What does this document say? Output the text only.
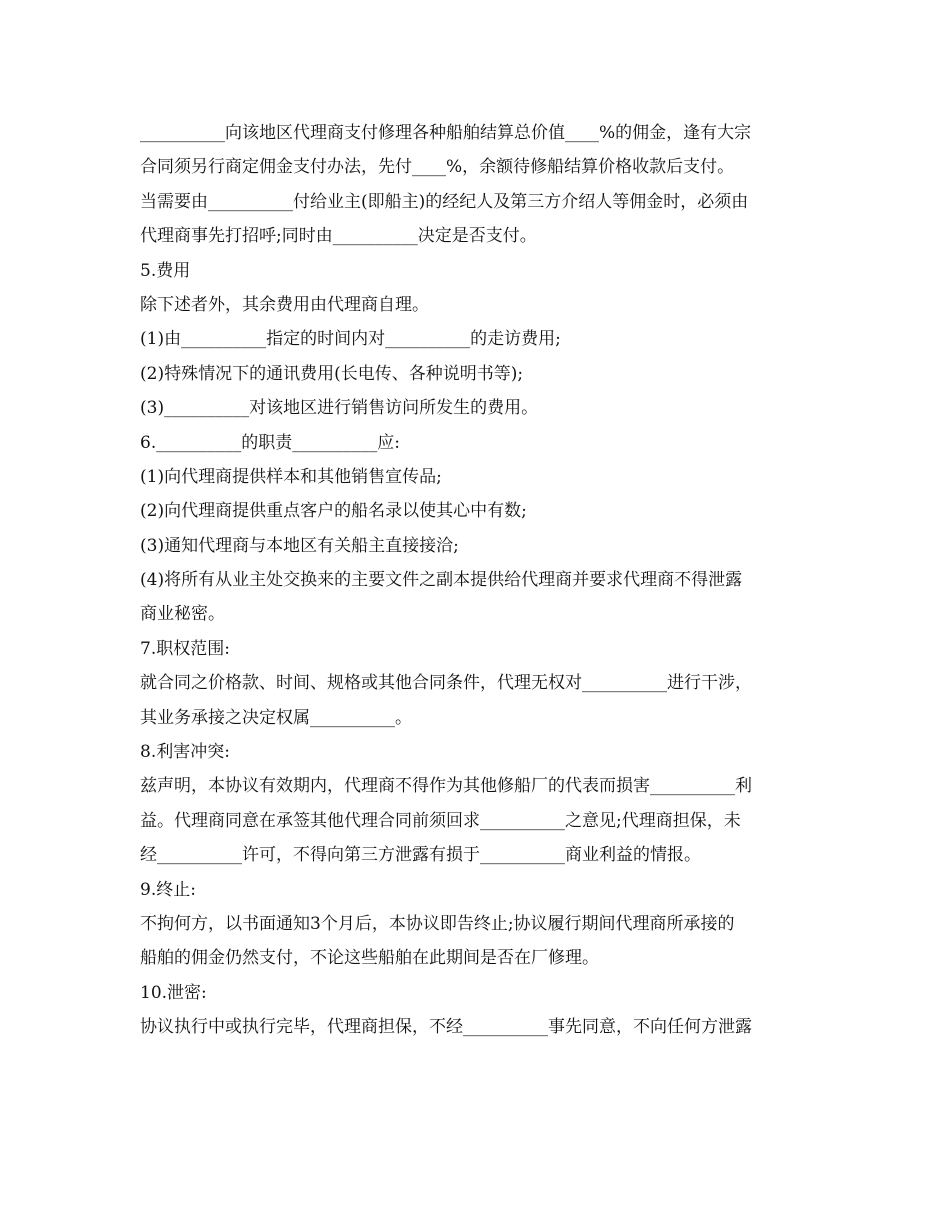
__________向该地区代理商支付修理各种船舶结算总价值____%的佣金，逢有大宗
合同须另行商定佣金支付办法，先付____%，余额待修船结算价格收款后支付。
当需要由__________付给业主(即船主)的经纪人及第三方介绍人等佣金时，必须由
代理商事先打招呼;同时由__________决定是否支付。
5.费用
除下述者外，其余费用由代理商自理。
(1)由__________指定的时间内对__________的走访费用;
(2)特殊情况下的通讯费用(长电传、各种说明书等);
(3)__________对该地区进行销售访问所发生的费用。
6.__________的职责__________应:
(1)向代理商提供样本和其他销售宣传品;
(2)向代理商提供重点客户的船名录以使其心中有数;
(3)通知代理商与本地区有关船主直接接洽;
(4)将所有从业主处交换来的主要文件之副本提供给代理商并要求代理商不得泄露
商业秘密。
7.职权范围:
就合同之价格款、时间、规格或其他合同条件，代理无权对__________进行干涉，
其业务承接之决定权属__________。
8.利害冲突:
兹声明，本协议有效期内，代理商不得作为其他修船厂的代表而损害__________利
益。代理商同意在承签其他代理合同前须回求__________之意见;代理商担保，未
经__________许可，不得向第三方泄露有损于__________商业利益的情报。
9.终止:
不拘何方，以书面通知3个月后，本协议即告终止;协议履行期间代理商所承接的
船舶的佣金仍然支付，不论这些船舶在此期间是否在厂修理。
10.泄密:
协议执行中或执行完毕，代理商担保，不经__________事先同意，不向任何方泄露
